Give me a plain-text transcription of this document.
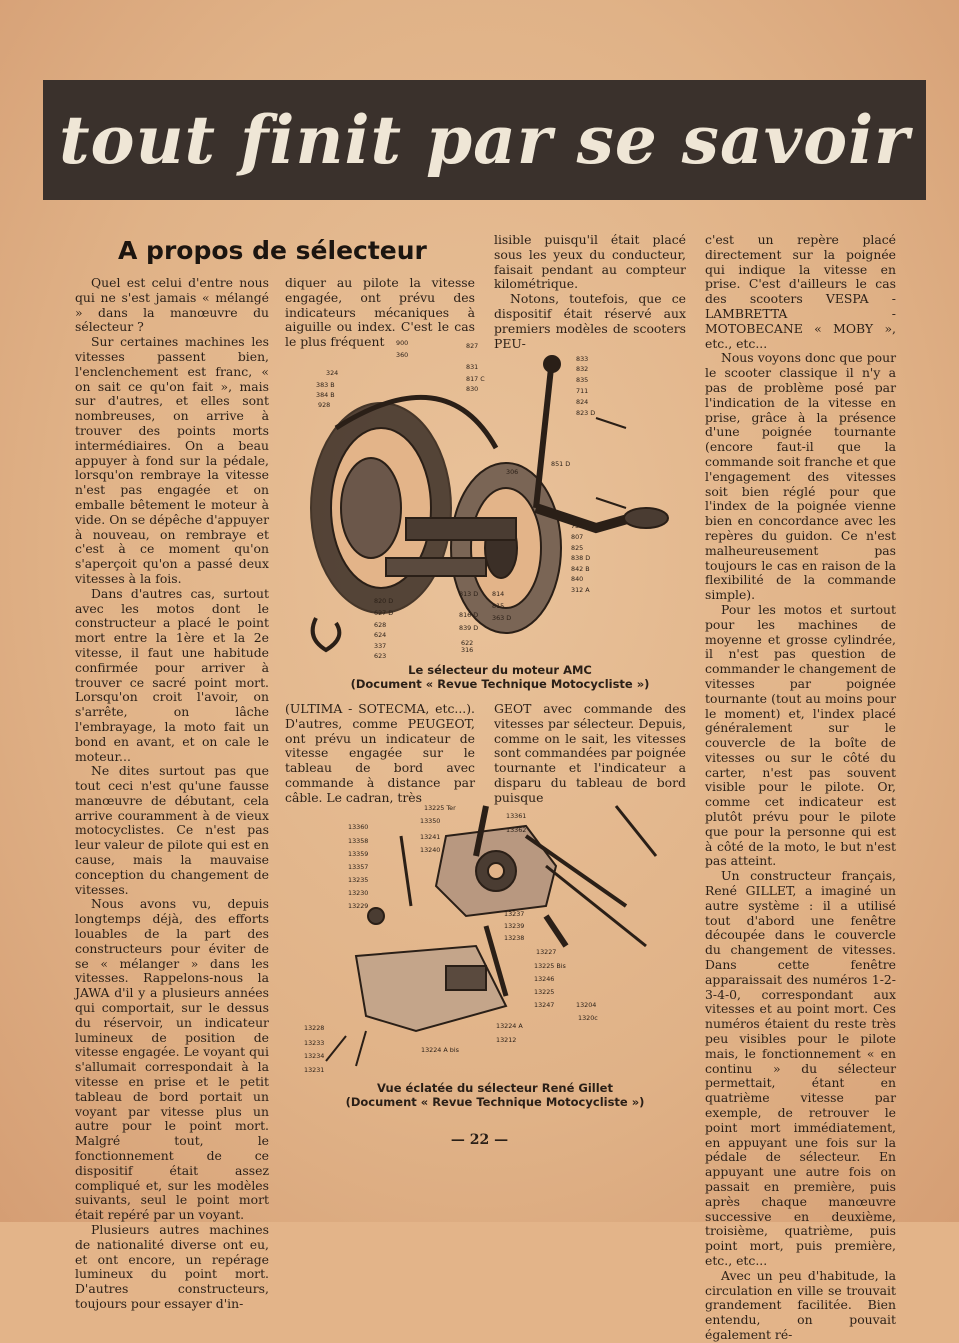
tout finit par se savoir
A propos de sélecteur

Quel est celui d'entre nous qui ne s'est jamais « mélangé » dans la manœuvre du sélecteur ?

Sur certaines machines les vitesses passent bien, l'enclenchement est franc, « on sait ce qu'on fait », mais sur d'autres, et elles sont nombreuses, on arrive à trouver des points morts intermédiaires. On a beau appuyer à fond sur la pédale, lorsqu'on rembraye la vitesse n'est pas engagée et on emballe bêtement le moteur à vide. On se dépêche d'appuyer à nouveau, on rembraye et c'est à ce moment qu'on s'aperçoit qu'on a passé deux vitesses à la fois.

Dans d'autres cas, surtout avec les motos dont le constructeur a placé le point mort entre la 1ère et la 2e vitesse, il faut une habitude confirmée pour arriver à trouver ce sacré point mort. Lorsqu'on croit l'avoir, on s'arrête, on lâche l'embrayage, la moto fait un bond en avant, et on cale le moteur...

Ne dites surtout pas que tout ceci n'est qu'une fausse manœuvre de débutant, cela arrive couramment à de vieux motocyclistes. Ce n'est pas leur valeur de pilote qui est en cause, mais la mauvaise conception du changement de vitesses.

Nous avons vu, depuis longtemps déjà, des efforts louables de la part des constructeurs pour éviter de se « mélanger » dans les vitesses. Rappelons-nous la JAWA d'il y a plusieurs années qui comportait, sur le dessus du réservoir, un indicateur lumineux de position de vitesse engagée. Le voyant qui s'allumait correspondait à la vitesse en prise et le petit tableau de bord portait un voyant par vitesse plus un autre pour le point mort. Malgré tout, le fonctionnement de ce dispositif était assez compliqué et, sur les modèles suivants, seul le point mort était repéré par un voyant.

Plusieurs autres machines de nationalité diverse ont eu, et ont encore, un repérage lumineux du point mort. D'autres constructeurs, toujours pour essayer d'in-

diquer au pilote la vitesse engagée, ont prévu des indicateurs mécaniques à aiguille ou index. C'est le cas le plus fréquent

lisible puisqu'il était placé sous les yeux du conducteur, faisait pendant au compteur kilométrique.

Notons, toutefois, que ce dispositif était réservé aux premiers modèles de scooters PEU-

900
360
827
324
383 B
384 B
928
831
817 C
830
833
832
835
711
824
823 D
306
851 D
732
807
825
838 D
842 B
840
312 A
813 D 814
815
816 D 363 D
839 D
820 D
627 D
628
624
337
623
622
316
Le sélecteur du moteur AMC
(Document « Revue Technique Motocycliste »)

(ULTIMA - SOTECMA, etc...). D'autres, comme PEUGEOT, ont prévu un indicateur de vitesse engagée sur le tableau de bord avec commande à distance par câble. Le cadran, très

GEOT avec commande des vitesses par sélecteur. Depuis, comme on le sait, les vitesses sont commandées par poignée tournante et l'indicateur a disparu du tableau de bord puisque

13225 Ter
13350
13361
13362
13360
13358	13241
13240
13359
13357
13235
13230
13229
13237
13239
13238
13227
13225 Bis
13246
13225
13247	13204
1320c
13224 A
13212
13228
13233
13234
13231
13224 A bis
Vue éclatée du sélecteur René Gillet
(Document « Revue Technique Motocycliste »)

c'est un repère placé directement sur la poignée qui indique la vitesse en prise. C'est d'ailleurs le cas des scooters VESPA - LAMBRETTA - MOTOBECANE « MOBY », etc., etc...

Nous voyons donc que pour le scooter classique il n'y a pas de problème posé par l'indication de la vitesse en prise, grâce à la présence d'une poignée tournante (encore faut-il que la commande soit franche et que l'engagement des vitesses soit bien réglé pour que l'index de la poignée vienne bien en concordance avec les repères du guidon. Ce n'est malheureusement pas toujours le cas en raison de la flexibilité de la commande simple).

Pour les motos et surtout pour les machines de moyenne et grosse cylindrée, il n'est pas question de commander le changement de vitesses par poignée tournante (tout au moins pour le moment) et, l'index placé généralement sur le couvercle de la boîte de vitesses ou sur le côté du carter, n'est pas souvent visible pour le pilote. Or, comme cet indicateur est plutôt prévu pour le pilote que pour la personne qui est à côté de la moto, le but n'est pas atteint.

Un constructeur français, René GILLET, a imaginé un autre système : il a utilisé tout d'abord une fenêtre découpée dans le couvercle du changement de vitesses. Dans cette fenêtre apparaissait des numéros 1-2-3-4-0, correspondant aux vitesses et au point mort. Ces numéros étaient du reste très peu visibles pour le pilote mais, le fonctionnement « en continu » du sélecteur permettait, étant en quatrième vitesse par exemple, de retrouver le point mort immédiatement, en appuyant une fois sur la pédale de sélecteur. En appuyant une autre fois on passait en première, puis après chaque manœuvre successive en deuxième, troisième, quatrième, puis point mort, puis première, etc., etc...

Avec un peu d'habitude, la circulation en ville se trouvait grandement facilitée. Bien entendu, on pouvait également ré-

— 22 —
